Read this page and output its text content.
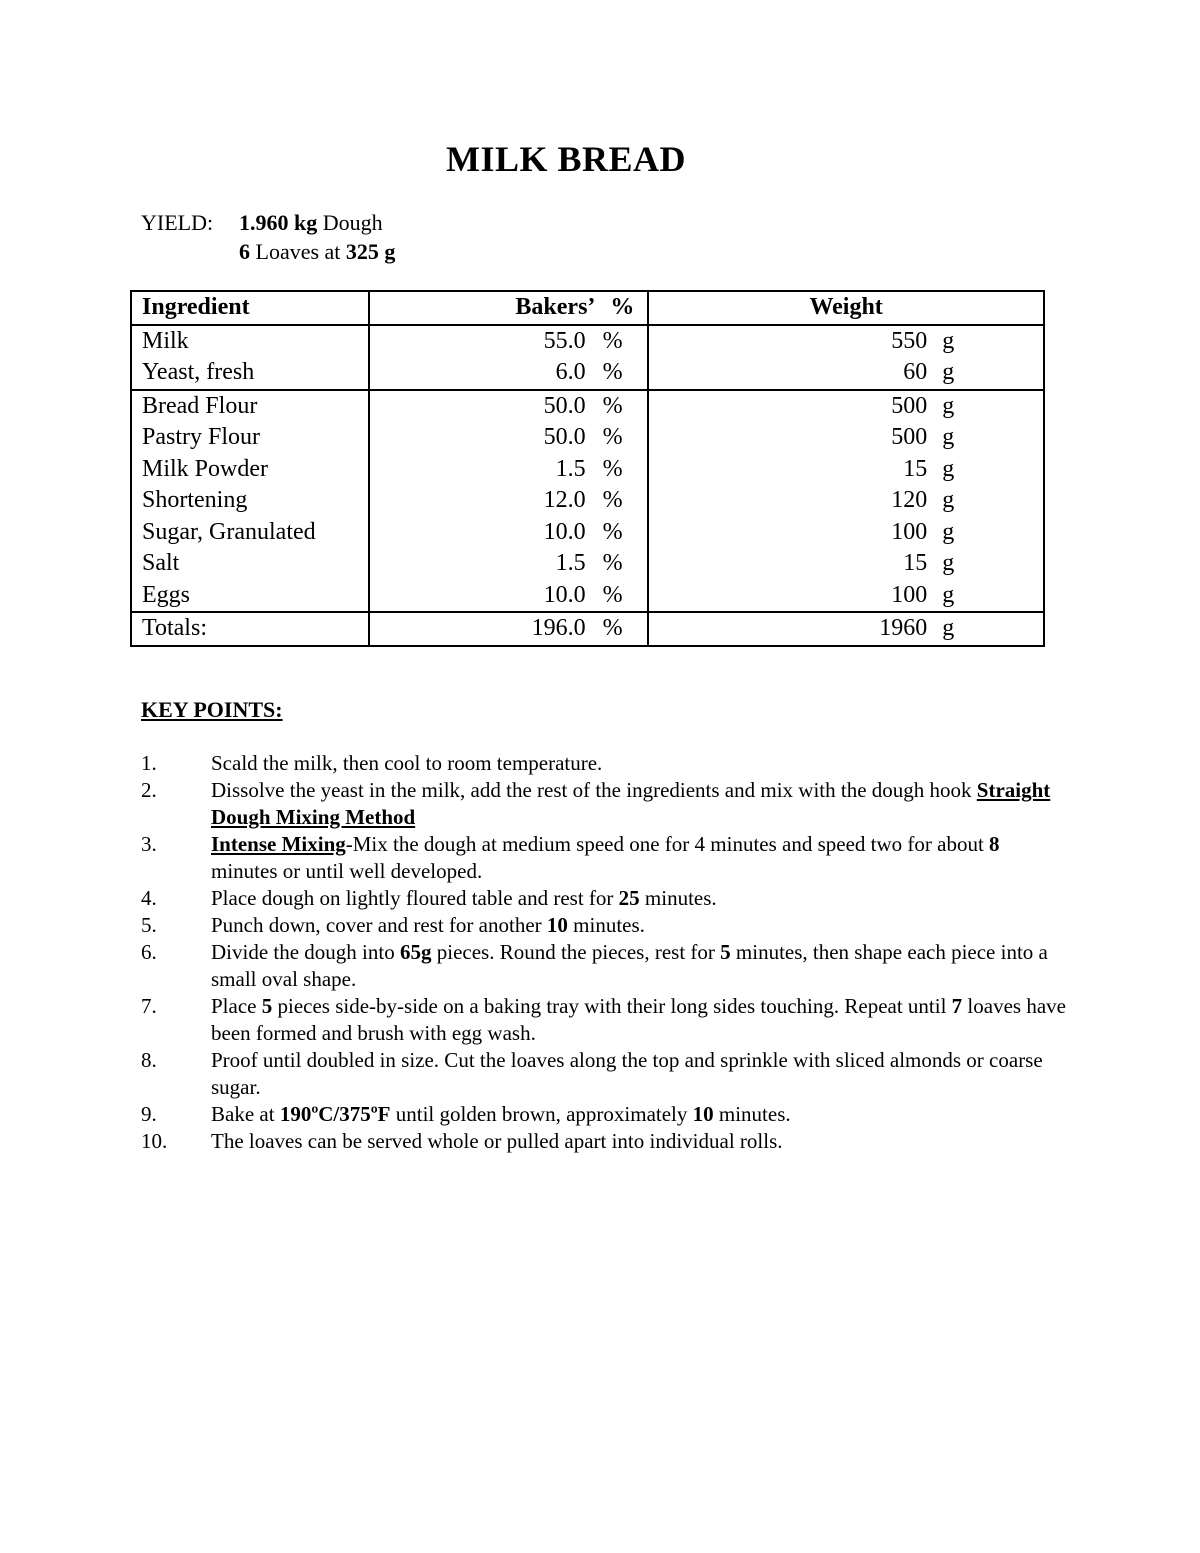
MILK BREAD
YIELD: 1.960 kg Dough
6 Loaves at 325 g
Ingredient	Bakers’ %	Weight
Milk	55.0 %	550 g
Yeast, fresh	6.0 %	60 g
Bread Flour	50.0 %	500 g
Pastry Flour	50.0 %	500 g
Milk Powder	1.5 %	15 g
Shortening	12.0 %	120 g
Sugar, Granulated	10.0 %	100 g
Salt	1.5 %	15 g
Eggs	10.0 %	100 g
Totals:	196.0 %	1960 g
KEY POINTS:
1.	Scald the milk, then cool to room temperature.
2.	Dissolve the yeast in the milk, add the rest of the ingredients and mix with the dough hook Straight Dough Mixing Method
3.	Intense Mixing-Mix the dough at medium speed one for 4 minutes and speed two for about 8 minutes or until well developed.
4.	Place dough on lightly floured table and rest for 25 minutes.
5.	Punch down, cover and rest for another 10 minutes.
6.	Divide the dough into 65g pieces. Round the pieces, rest for 5 minutes, then shape each piece into a small oval shape.
7.	Place 5 pieces side-by-side on a baking tray with their long sides touching. Repeat until 7 loaves have been formed and brush with egg wash.
8.	Proof until doubled in size. Cut the loaves along the top and sprinkle with sliced almonds or coarse sugar.
9.	Bake at 190ºC/375ºF until golden brown, approximately 10 minutes.
10. The loaves can be served whole or pulled apart into individual rolls.
